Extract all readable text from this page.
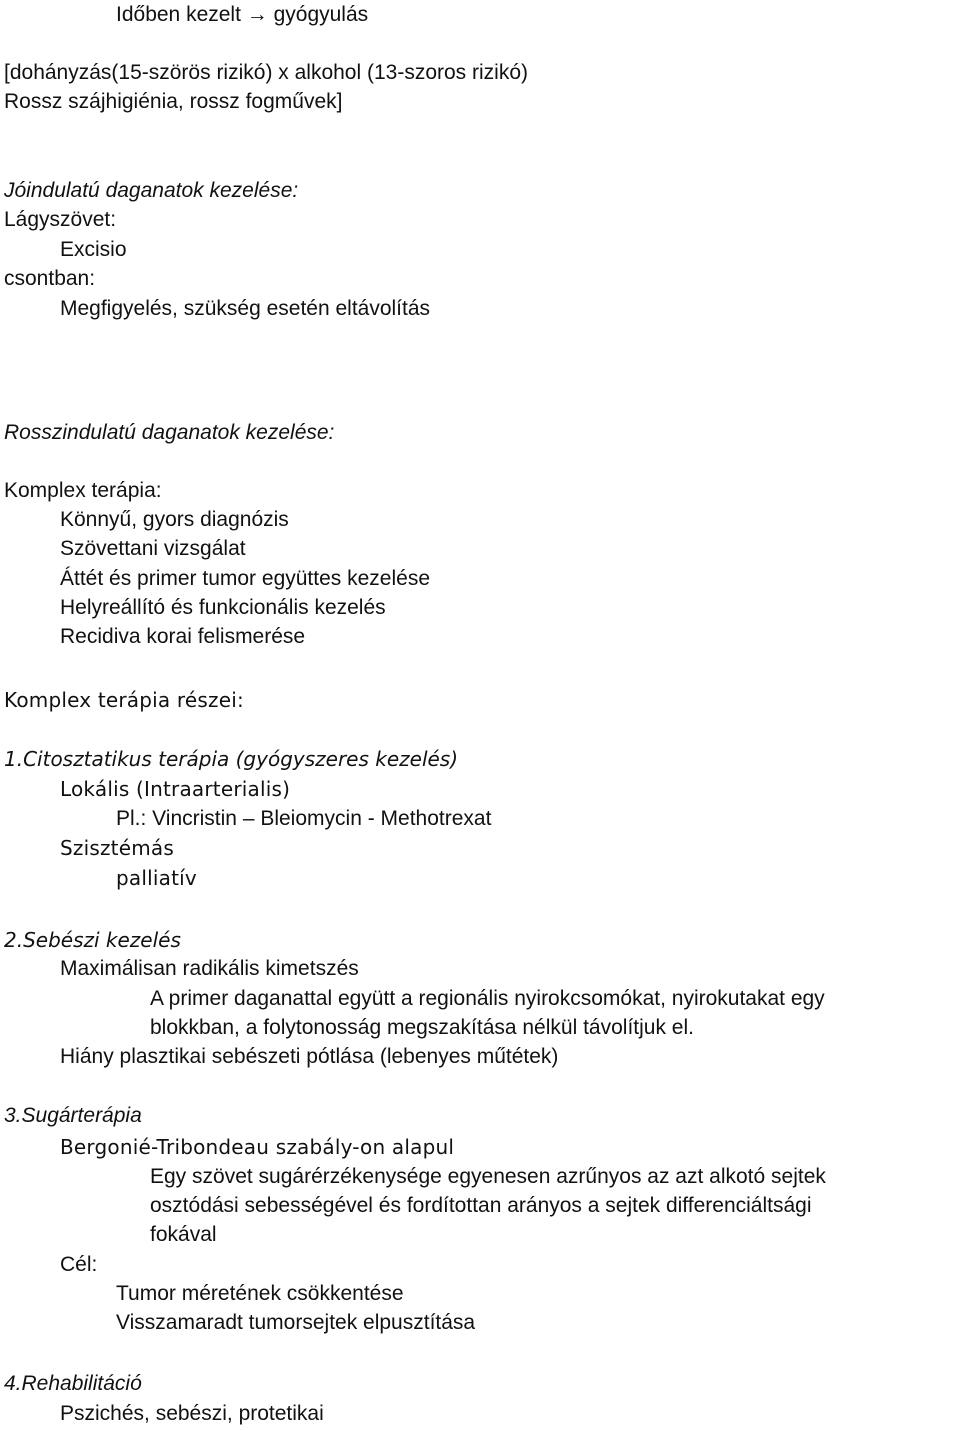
Időben kezelt → gyógyulás
[dohányzás(15-szörös rizikó) x alkohol (13-szoros rizikó)
Rossz szájhigiénia, rossz fogművek]
Jóindulatú daganatok kezelése:
Lágyszövet:
Excisio
csontban:
Megfigyelés, szükség esetén eltávolítás
Rosszindulatú daganatok kezelése:
Komplex terápia:
Könnyű, gyors diagnózis
Szövettani vizsgálat
Áttét és primer tumor együttes kezelése
Helyreállító és funkcionális kezelés
Recidiva korai felismerése
Komplex terápia részei:
1.Citosztatikus terápia (gyógyszeres kezelés)
Lokális (Intraarterialis)
Pl.: Vincristin – Bleiomycin - Methotrexat
Szisztémás
palliatív
2.Sebészi kezelés
Maximálisan radikális kimetszés
A primer daganattal együtt a regionális nyirokcsomókat, nyirokutakat egy
blokkban, a folytonosság megszakítása nélkül távolítjuk el.
Hiány plasztikai sebészeti pótlása (lebenyes műtétek)
3.Sugárterápia
Bergonié-Tribondeau szabály-on alapul
Egy szövet sugárérzékenysége egyenesen azrűnyos az azt alkotó sejtek
osztódási sebességével és fordítottan arányos a sejtek differenciáltsági
fokával
Cél:
Tumor méretének csökkentése
Visszamaradt tumorsejtek elpusztítása
4.Rehabilitáció
Pszichés, sebészi, protetikai
